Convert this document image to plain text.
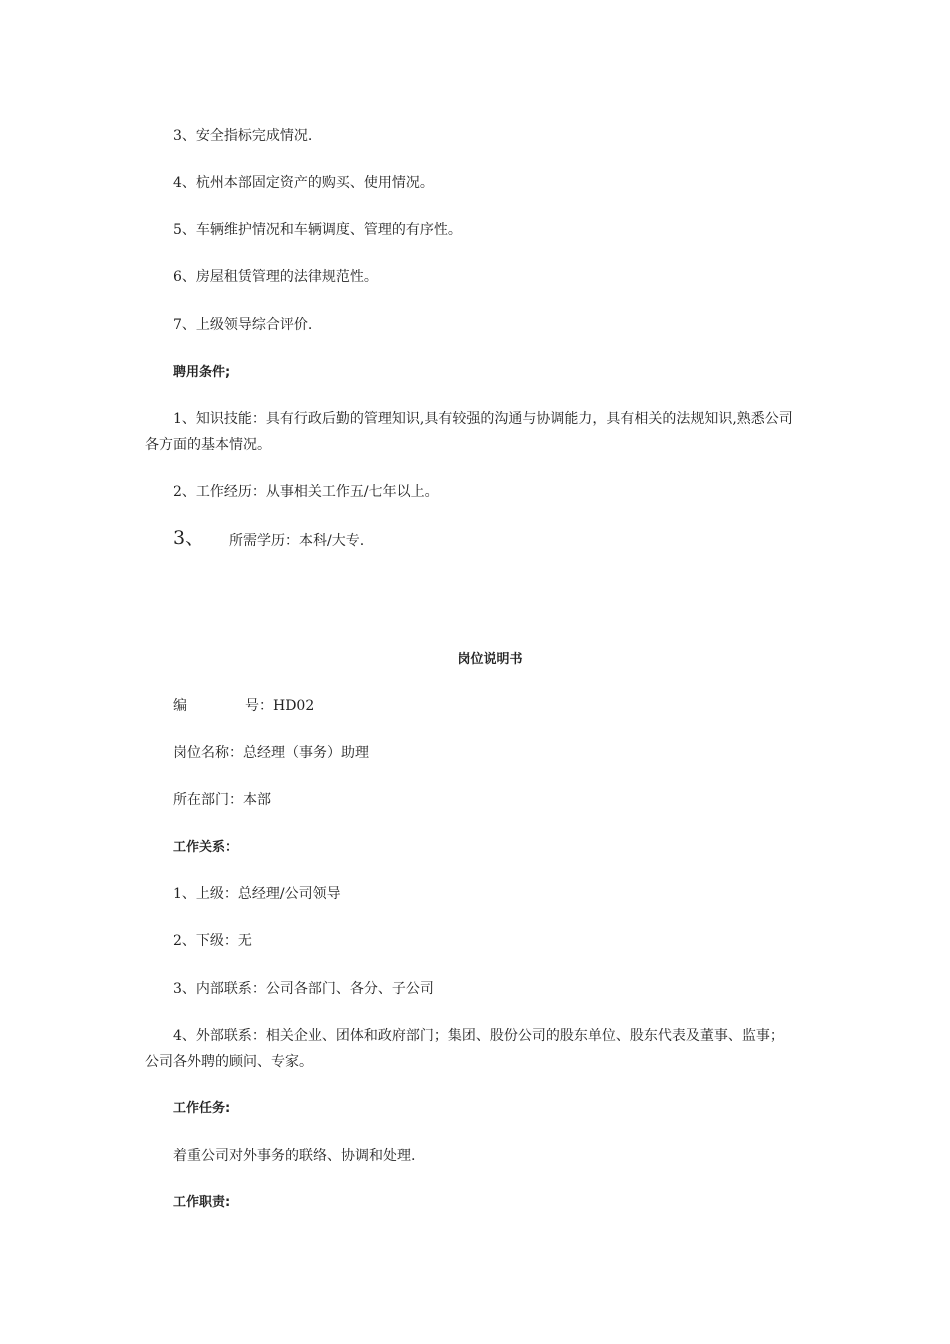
3、安全指标完成情况.
4、杭州本部固定资产的购买、使用情况。
5、车辆维护情况和车辆调度、管理的有序性。
6、房屋租赁管理的法律规范性。
7、上级领导综合评价.
聘用条件;
1、知识技能：具有行政后勤的管理知识,具有较强的沟通与协调能力，具有相关的法规知识,熟悉公司
各方面的基本情况。
2、工作经历：从事相关工作五/七年以上。
3、 所需学历：本科/大专.
岗位说明书
编	号：HD02
岗位名称：总经理（事务）助理
所在部门：本部
工作关系：
1、上级：总经理/公司领导
2、下级：无
3、内部联系：公司各部门、各分、子公司
4、外部联系：相关企业、团体和政府部门；集团、股份公司的股东单位、股东代表及董事、监事；
公司各外聘的顾问、专家。
工作任务:
着重公司对外事务的联络、协调和处理.
工作职责:
